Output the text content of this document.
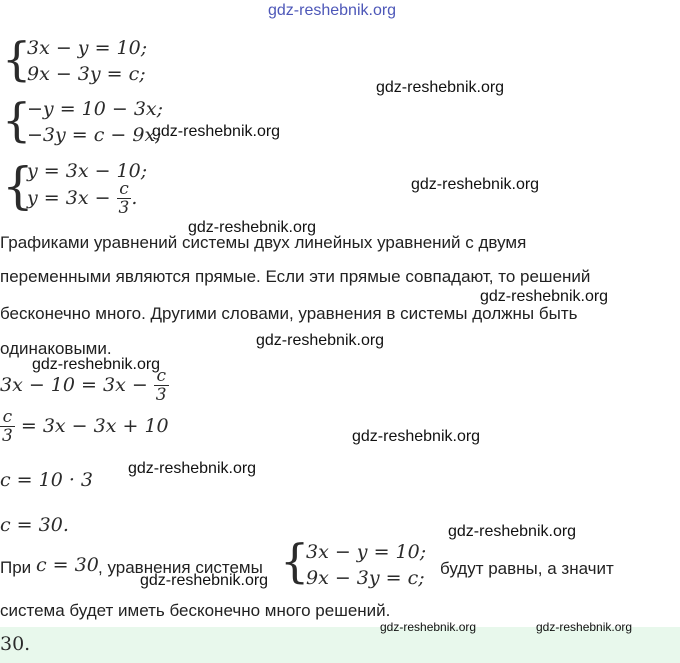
gdz-reshebnik.org
{
3x − y = 10;
9x − 3y = c;
gdz-reshebnik.org
{
−y = 10 − 3x;
−3y = c − 9x;
gdz-reshebnik.org
{
y = 3x − 10;
$y = 3x - \frac{c}{3}$ .
gdz-reshebnik.org
gdz-reshebnik.org
Графиками уравнений системы двух линейных уравнений с двумя
переменными являются прямые. Если эти прямые совпадают, то решений
gdz-reshebnik.org
бесконечно много. Другими словами, уравнения в системы должны быть
gdz-reshebnik.org
одинаковыми.
gdz-reshebnik.org
$3x - 10 = 3x - \frac{c}{3}$
$\frac{c}{3} = 3x - 3x + 10$	gdz-reshebnik.org
gdz-reshebnik.org
c = 10 · 3
c = 30.	gdz-reshebnik.org
При c = 30 , уравнения системы {
3x − y = 10;
9x − 3y = c; будут равны, а значит
gdz-reshebnik.org
система будет иметь бесконечно много решений.
30.
gdz-reshebnik.org	gdz-reshebnik.org
